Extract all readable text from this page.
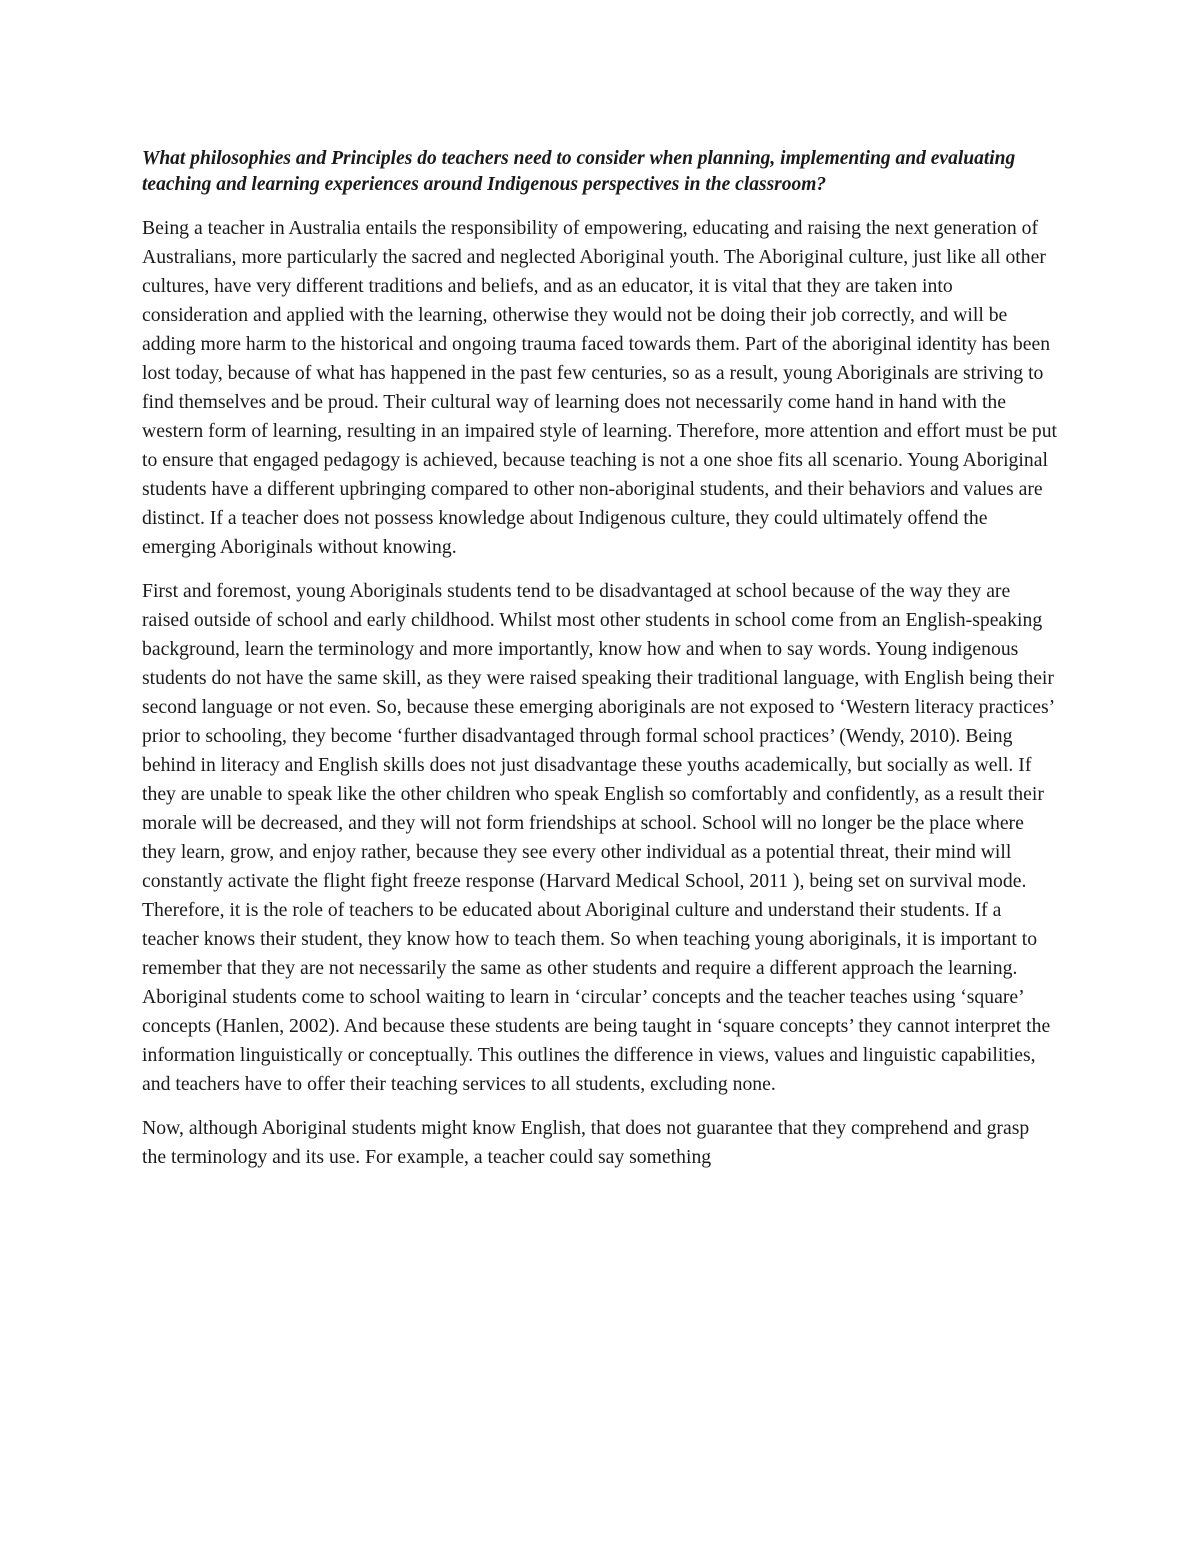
What philosophies and Principles do teachers need to consider when planning, implementing and evaluating teaching and learning experiences around Indigenous perspectives in the classroom?

Being a teacher in Australia entails the responsibility of empowering, educating and raising the next generation of Australians, more particularly the sacred and neglected Aboriginal youth. The Aboriginal culture, just like all other cultures, have very different traditions and beliefs, and as an educator, it is vital that they are taken into consideration and applied with the learning, otherwise they would not be doing their job correctly, and will be adding more harm to the historical and ongoing trauma faced towards them. Part of the aboriginal identity has been lost today, because of what has happened in the past few centuries, so as a result, young Aboriginals are striving to find themselves and be proud. Their cultural way of learning does not necessarily come hand in hand with the western form of learning, resulting in an impaired style of learning. Therefore, more attention and effort must be put to ensure that engaged pedagogy is achieved, because teaching is not a one shoe fits all scenario. Young Aboriginal students have a different upbringing compared to other non-aboriginal students, and their behaviors and values are distinct. If a teacher does not possess knowledge about Indigenous culture, they could ultimately offend the emerging Aboriginals without knowing.

First and foremost, young Aboriginals students tend to be disadvantaged at school because of the way they are raised outside of school and early childhood. Whilst most other students in school come from an English-speaking background, learn the terminology and more importantly, know how and when to say words. Young indigenous students do not have the same skill, as they were raised speaking their traditional language, with English being their second language or not even. So, because these emerging aboriginals are not exposed to ‘Western literacy practices’ prior to schooling, they become ‘further disadvantaged through formal school practices’ (Wendy, 2010). Being behind in literacy and English skills does not just disadvantage these youths academically, but socially as well. If they are unable to speak like the other children who speak English so comfortably and confidently, as a result their morale will be decreased, and they will not form friendships at school. School will no longer be the place where they learn, grow, and enjoy rather, because they see every other individual as a potential threat, their mind will constantly activate the flight fight freeze response (Harvard Medical School, 2011 ), being set on survival mode. Therefore, it is the role of teachers to be educated about Aboriginal culture and understand their students. If a teacher knows their student, they know how to teach them. So when teaching young aboriginals, it is important to remember that they are not necessarily the same as other students and require a different approach the learning. Aboriginal students come to school waiting to learn in ‘circular’ concepts and the teacher teaches using ‘square’ concepts (Hanlen, 2002). And because these students are being taught in ‘square concepts’ they cannot interpret the information linguistically or conceptually. This outlines the difference in views, values and linguistic capabilities, and teachers have to offer their teaching services to all students, excluding none.

Now, although Aboriginal students might know English, that does not guarantee that they comprehend and grasp the terminology and its use. For example, a teacher could say something
